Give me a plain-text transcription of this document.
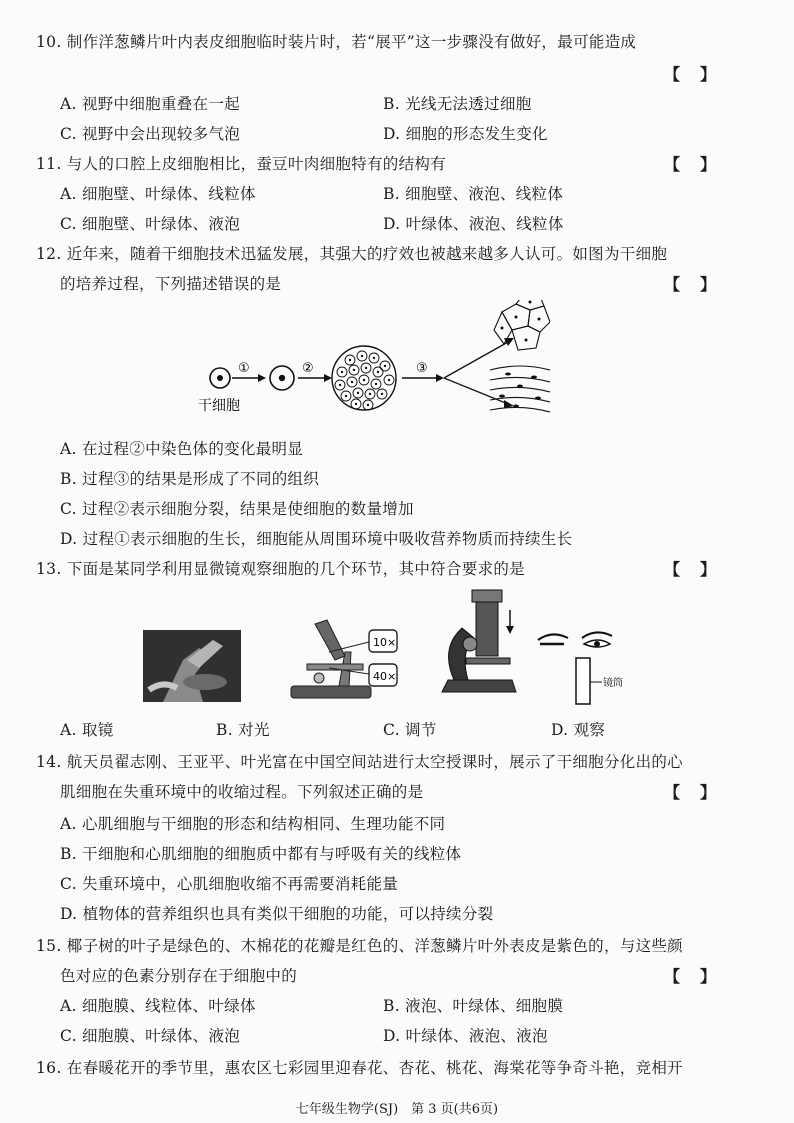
10. 制作洋葱鳞片叶内表皮细胞临时装片时，若“展平”这一步骤没有做好，最可能造成
【　】
A. 视野中细胞重叠在一起	B. 光线无法透过细胞
C. 视野中会出现较多气泡	D. 细胞的形态发生变化
11. 与人的口腔上皮细胞相比，蚕豆叶肉细胞特有的结构有	【　】
A. 细胞壁、叶绿体、线粒体	B. 细胞壁、液泡、线粒体
C. 细胞壁、叶绿体、液泡	D. 叶绿体、液泡、线粒体
12. 近年来，随着干细胞技术迅猛发展，其强大的疗效也被越来越多人认可。如图为干细胞
的培养过程，下列描述错误的是	【　】
干细胞
①	②	③
A. 在过程②中染色体的变化最明显
B. 过程③的结果是形成了不同的组织
C. 过程②表示细胞分裂，结果是使细胞的数量增加
D. 过程①表示细胞的生长，细胞能从周围环境中吸收营养物质而持续生长
13. 下面是某同学利用显微镜观察细胞的几个环节，其中符合要求的是	【　】
10×
40×
镜筒
A. 取镜	B. 对光	C. 调节	D. 观察
14. 航天员翟志刚、王亚平、叶光富在中国空间站进行太空授课时，展示了干细胞分化出的心
肌细胞在失重环境中的收缩过程。下列叙述正确的是	【　】
A. 心肌细胞与干细胞的形态和结构相同、生理功能不同
B. 干细胞和心肌细胞的细胞质中都有与呼吸有关的线粒体
C. 失重环境中，心肌细胞收缩不再需要消耗能量
D. 植物体的营养组织也具有类似干细胞的功能，可以持续分裂
15. 椰子树的叶子是绿色的、木棉花的花瓣是红色的、洋葱鳞片叶外表皮是紫色的，与这些颜
色对应的色素分别存在于细胞中的	【　】
A. 细胞膜、线粒体、叶绿体	B. 液泡、叶绿体、细胞膜
C. 细胞膜、叶绿体、液泡	D. 叶绿体、液泡、液泡
16. 在春暖花开的季节里，惠农区七彩园里迎春花、杏花、桃花、海棠花等争奇斗艳，竞相开
七年级生物学(SJ)　第 3 页(共6页)
